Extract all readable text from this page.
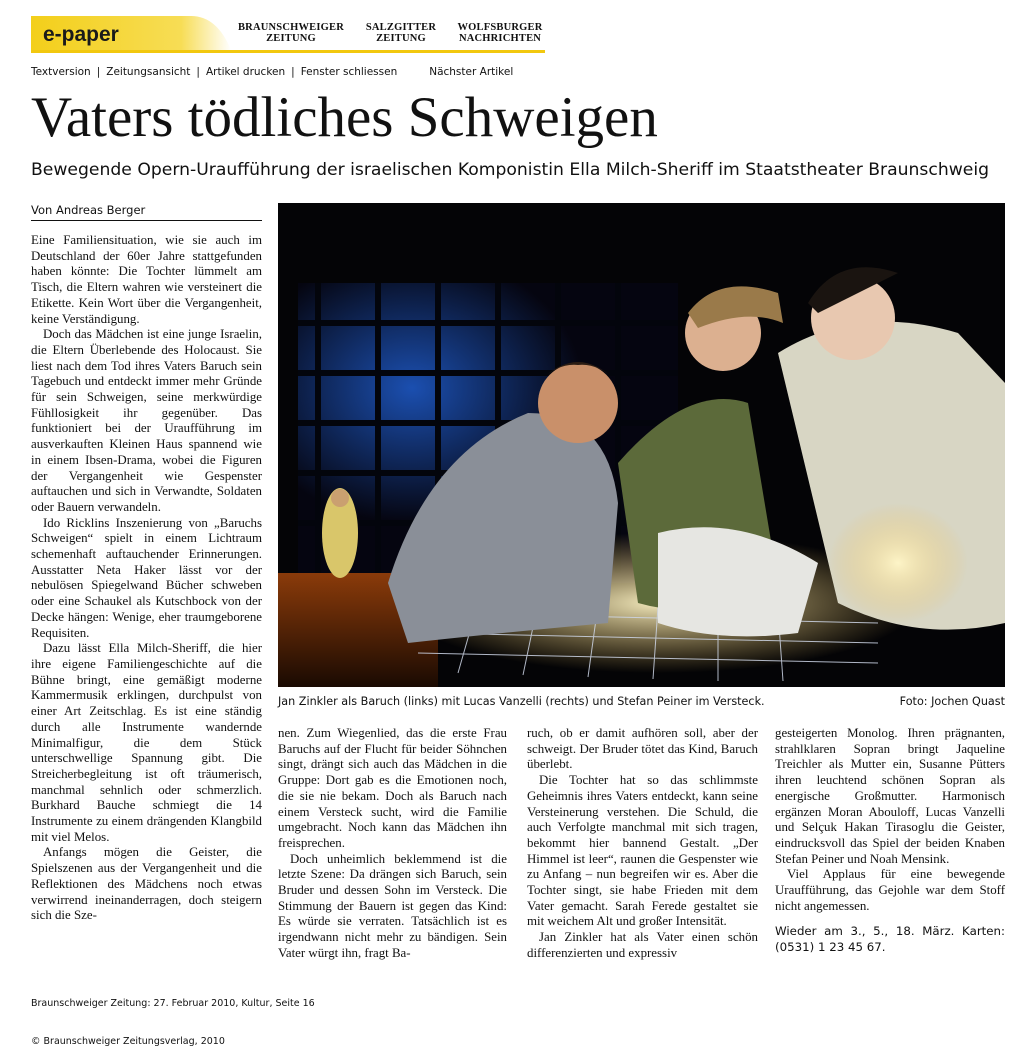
e-paper	BRAUNSCHWEIGER
ZEITUNG
SALZGITTER
ZEITUNG
WOLFSBURGER
NACHRICHTEN
Textversion | Zeitungsansicht | Artikel drucken | Fenster schliessen	Nächster Artikel
Vaters tödliches Schweigen
Bewegende Opern-Uraufführung der israelischen Komponistin Ella Milch-Sheriff im Staatstheater Braunschweig
Von Andreas Berger

Eine Familiensituation, wie sie auch im Deutschland der 60er Jahre stattgefunden haben könnte: Die Tochter lümmelt am Tisch, die Eltern wahren wie versteinert die Etikette. Kein Wort über die Vergangenheit, keine Verständigung.

Doch das Mädchen ist eine junge Israelin, die Eltern Überlebende des Holocaust. Sie liest nach dem Tod ihres Vaters Baruch sein Tagebuch und entdeckt immer mehr Gründe für sein Schweigen, seine merkwürdige Fühllosigkeit ihr gegenüber. Das funktioniert bei der Uraufführung im ausverkauften Kleinen Haus spannend wie in einem Ibsen-Drama, wobei die Figuren der Vergangenheit wie Gespenster auftauchen und sich in Verwandte, Soldaten oder Bauern verwandeln.

Ido Ricklins Inszenierung von „Baruchs Schweigen“ spielt in einem Lichtraum schemenhaft auftauchender Erinnerungen. Ausstatter Neta Haker lässt vor der nebulösen Spiegelwand Bücher schweben oder eine Schaukel als Kutschbock von der Decke hängen: Wenige, eher traumgeborene Requisiten.

Dazu lässt Ella Milch-Sheriff, die hier ihre eigene Familiengeschichte auf die Bühne bringt, eine gemäßigt moderne Kammermusik erklingen, durchpulst von einer Art Zeitschlag. Es ist eine ständig durch alle Instrumente wandernde Minimalfigur, die dem Stück unterschwellige Spannung gibt. Die Streicherbegleitung ist oft träumerisch, manchmal sehnlich oder schmerzlich. Burkhard Bauche schmiegt die 14 Instrumente zu einem drängenden Klangbild mit viel Melos.

Anfangs mögen die Geister, die Spielszenen aus der Vergangenheit und die Reflektionen des Mädchens noch etwas verwirrend ineinanderragen, doch steigern sich die Sze-

Jan Zinkler als Baruch (links) mit Lucas Vanzelli (rechts) und Stefan Peiner im Versteck.	Foto: Jochen Quast

nen. Zum Wiegenlied, das die erste Frau Baruchs auf der Flucht für beider Söhnchen singt, drängt sich auch das Mädchen in die Gruppe: Dort gab es die Emotionen noch, die sie nie bekam. Doch als Baruch nach einem Versteck sucht, wird die Familie umgebracht. Noch kann das Mädchen ihn freisprechen.

Doch unheimlich beklemmend ist die letzte Szene: Da drängen sich Baruch, sein Bruder und dessen Sohn im Versteck. Die Stimmung der Bauern ist gegen das Kind: Es würde sie verraten. Tatsächlich ist es irgendwann nicht mehr zu bändigen. Sein Vater würgt ihn, fragt Ba-

ruch, ob er damit aufhören soll, aber der schweigt. Der Bruder tötet das Kind, Baruch überlebt.

Die Tochter hat so das schlimmste Geheimnis ihres Vaters entdeckt, kann seine Versteinerung verstehen. Die Schuld, die auch Verfolgte manchmal mit sich tragen, bekommt hier bannend Gestalt. „Der Himmel ist leer“, raunen die Gespenster wie zu Anfang – nun begreifen wir es. Aber die Tochter singt, sie habe Frieden mit dem Vater gemacht. Sarah Ferede gestaltet sie mit weichem Alt und großer Intensität.

Jan Zinkler hat als Vater einen schön differenzierten und expressiv

gesteigerten Monolog. Ihren prägnanten, strahlklaren Sopran bringt Jaqueline Treichler als Mutter ein, Susanne Pütters ihren leuchtend schönen Sopran als energische Großmutter. Harmonisch ergänzen Moran Abouloff, Lucas Vanzelli und Selçuk Hakan Tirasoglu die Geister, eindrucksvoll das Spiel der beiden Knaben Stefan Peiner und Noah Mensink.

Viel Applaus für eine bewegende Uraufführung, das Gejohle war dem Stoff nicht angemessen.

Wieder am 3., 5., 18. März. Karten: (0531) 1 23 45 67.

Braunschweiger Zeitung: 27. Februar 2010, Kultur, Seite 16
© Braunschweiger Zeitungsverlag, 2010
